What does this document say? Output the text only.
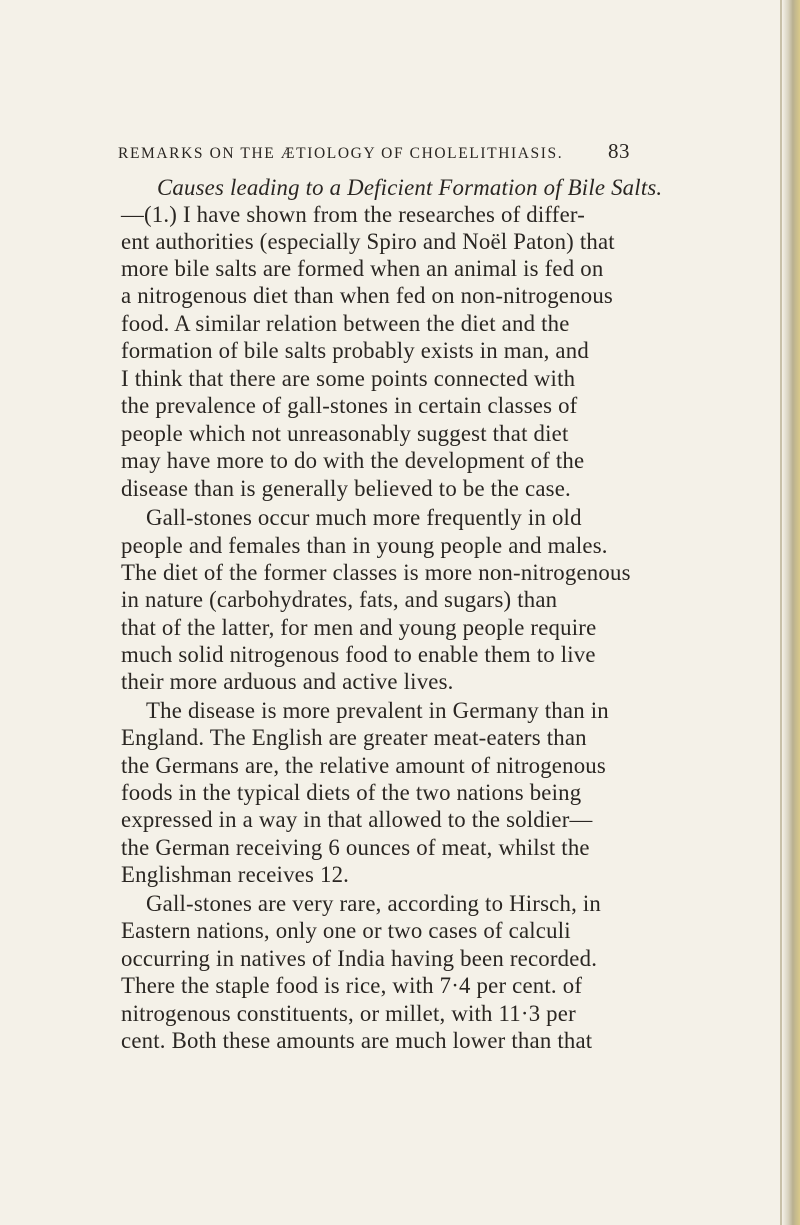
REMARKS ON THE ÆTIOLOGY OF CHOLELITHIASIS. 83
Causes leading to a Deficient Formation of Bile Salts.
—(1.) I have shown from the researches of differ-
ent authorities (especially Spiro and Noël Paton) that
more bile salts are formed when an animal is fed on
a nitrogenous diet than when fed on non-nitrogenous
food. A similar relation between the diet and the
formation of bile salts probably exists in man, and
I think that there are some points connected with
the prevalence of gall-stones in certain classes of
people which not unreasonably suggest that diet
may have more to do with the development of the
disease than is generally believed to be the case.
Gall-stones occur much more frequently in old
people and females than in young people and males.
The diet of the former classes is more non-nitrogenous
in nature (carbohydrates, fats, and sugars) than
that of the latter, for men and young people require
much solid nitrogenous food to enable them to live
their more arduous and active lives.
The disease is more prevalent in Germany than in
England. The English are greater meat-eaters than
the Germans are, the relative amount of nitrogenous
foods in the typical diets of the two nations being
expressed in a way in that allowed to the soldier—
the German receiving 6 ounces of meat, whilst the
Englishman receives 12.
Gall-stones are very rare, according to Hirsch, in
Eastern nations, only one or two cases of calculi
occurring in natives of India having been recorded.
There the staple food is rice, with 7·4 per cent. of
nitrogenous constituents, or millet, with 11·3 per
cent. Both these amounts are much lower than that
